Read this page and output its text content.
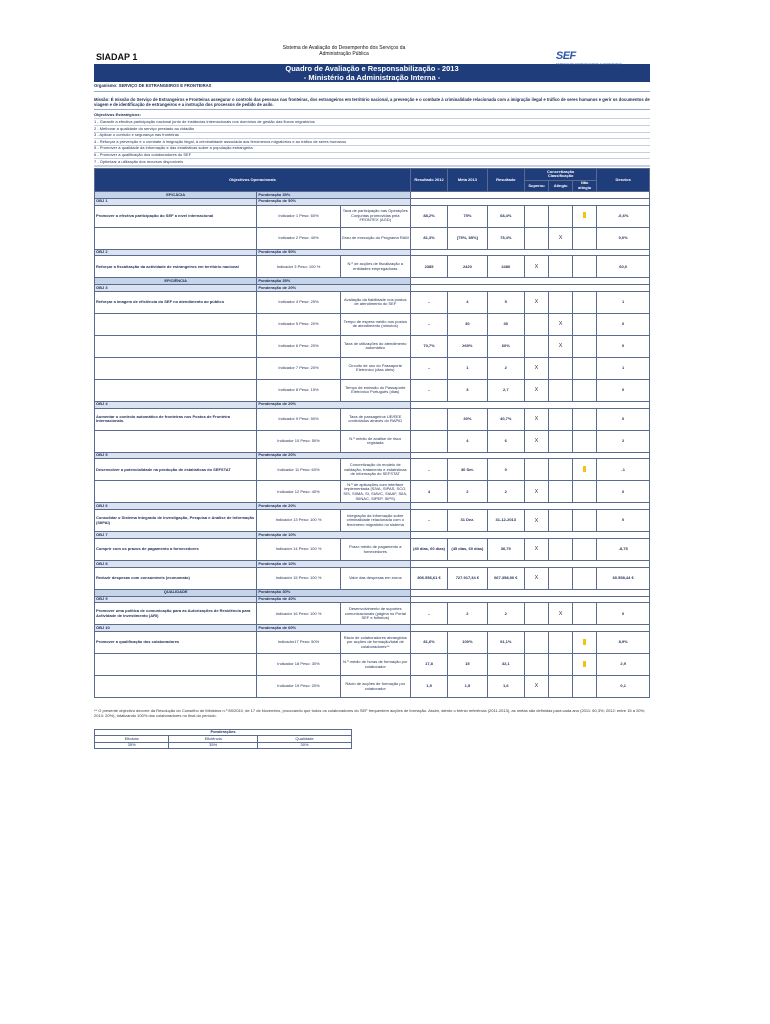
SIADAP 1
Sistema de Avaliação do Desempenho dos Serviços da
Administração Pública	SEF
SERVIÇO DE ESTRANGEIROS E FRONTEIRAS
Quadro de Avaliação e Responsabilização - 2013
- Ministério da Administração Interna -
Organismo: SERVIÇO DE ESTRANGEIROS E FRONTEIRAS
Missão: É missão do Serviço de Estrangeiros e Fronteiras assegurar o controlo das pessoas nas fronteiras, dos estrangeiros em território nacional, a prevenção e o combate à criminalidade relacionada com a imigração ilegal e tráfico de seres humanos e gerir os documentos de viagem e de identificação de estrangeiros e a instrução dos processos de pedido de asilo.
Objectivos Estratégicos:
1 - Garantir a efectiva participação nacional junto de instâncias internacionais nos domínios de gestão das fluxos migratórios
2 - Melhorar a qualidade do serviço prestado ao cidadão
3 - Aplicar o controlo e segurança nas fronteiras
4 - Reforçar a prevenção e o combate à imigração ilegal, à criminalidade associada aos fenómenos migratórios e ao tráfico de seres humanos
5 - Promover a qualidade da informação e das estatísticas sobre a população estrangeira
6 - Promover a qualificação dos colaboradores do SEF
7 - Optimizar a utilização dos recursos disponíveis
Objectivos Operacionais			Resultado 2012	Meta 2013	Resultado	Concretização
Classificação			Desvios
						Superou	Atingiu	Não atingiu	
EFICÁCIA	Ponderação 35%								
OBJ 1	Ponderação de 50%								
Promover a efectiva participação do SEF a nível internacional	Indicador 1 Peso: 60%	Taxa de participação nas Operações Conjuntas promovidas pela FRONTEX (AGD)	88,2%	75%	68,4%				-6,6%
	Indicador 2 Peso: 40%	Grau de execução do Programa RAM	81,3%	[75%, 85%]	75,4%		X		0,0%
OBJ 2	Ponderação de 50%								
Reforçar a fiscalização da actividade de estrangeiros em território nacional	Indicador 3 Peso: 100 %	N.º de acções de fiscalização a entidades empregadoras	2385	2420	2480	X			60,0
EFICIÊNCIA	Ponderação 35%								
OBJ 3	Ponderação de 20%								
Reforçar a imagem de eficiência do SEF no atendimento ao público	Indicador 4 Peso: 25%	Avaliação da fiabilidade nos postos de atendimento do SEF	–	4	5	X			1
	Indicador 5 Peso: 20%	Tempo de espera médio nos postos de atendimento (minutos)	–	30	30		X		0
	Indicador 6 Peso: 20%	Taxa de utilizações do atendimento automático	70,7%	≥60%	60%		X		0
	Indicador 7 Peso: 20%	Circuito de uso do Passaporte Eletrónico (dias úteis)	–	1	2	X			1
	Indicador 8 Peso: 15%	Tempo de emissão do Passaporte Eletrónico Português (dias)	–	3	2,7	X			0
OBJ 4	Ponderação de 20%								
Aumentar o controlo automático de fronteiras nos Postos de Fronteira Internacionais.	Indicador 9 Peso: 50%	Taxa de passageiros UE/EEE controlados através do RAPID		30%	40,7%	X			0
	Indicador 10 Peso: 50%	N.º médio de análise de risco registada		4	6	X			2
OBJ 5	Ponderação de 20%								
Desenvolver a potencialidade na produção de estatísticas do SEFSTAT	Indicador 11 Peso: 60%	Concretização do modelo de validação, tratamento e estatísticas de informação do SEFSTAT	–	30 Set.	0				-1
	Indicador 12 Peso: 40%	N.º de aplicações com interface implementada (SIVA, SIPAS, SCO, SIS, SIIMA, SI, SIAVC, SIAAF, SIIA, SIINAC, SIPEP, SIPS)	4	2	2	X			0
OBJ 6	Ponderação de 20%								
Consolidar o Sistema Integrado de Investigação, Pesquisa e Análise de Informação (SIIPAI)	Indicador 13 Peso: 100 %	Integração da informação sobre criminalidade relacionada com o fenómeno migratório no sistema	–	31 Dez.	31-12-2013	X			0
OBJ 7	Ponderação de 10%								
Cumprir com os prazos de pagamento a fornecedores	Indicador 14 Peso: 100 %	Prazo médio de pagamento a fornecedores	(45 dias, 60 dias)	(45 dias, 60 dias)	36,75	X			-8,75
OBJ 8	Ponderação de 10%								
Reduzir despesas com consumíveis (economato)	Indicador 15 Peso: 100 %	Valor das despesas em euros	806.556,61 €	727.917,34 €	667.358,90 €	X			60.558,44 €
QUALIDADE	Ponderação 30%								
OBJ 9	Ponderação de 40%								
Promover uma política de comunicação para as Autorizações de Residência para Actividade de Investimento (ARI)	Indicador 16 Peso: 100 %	Desenvolvimento de suportes comunicacionais (página no Portal SEF e folhetos)	–	2	2		X		0
OBJ 10	Ponderação de 60%								
Promover a qualificação dos colaboradores	Indicador17 Peso: 50%	Rácio de colaboradores abrangidos por acções de formação/total de colaboradores**	81,6%	100%	91,1%				8,9%
	Indicador 18 Peso: 30%	N.º médio de horas de formação por colaborador	17,8	15	32,1				2,9
	Indicador 19 Peso: 20%	Rácio de acções de formação por colaborador	1,5	1,5	1,6	X			0,1
** O presente objectivo decorre da Resolução do Conselho de Ministros n.º 89/2010, de 17 de Novembro, procurando que todos os colaboradores do SEF frequentem acções de formação. Assim, atento o triénio referência (2011-2013), as metas são definidas para cada ano (2011: 60,3%; 2012: entre 15 a 20%; 2013: 20%), totalizando 100% dos colaboradores no final do período.
Ponderações		
Eficácia	Eficiência	Qualidade
35%	35%	30%
